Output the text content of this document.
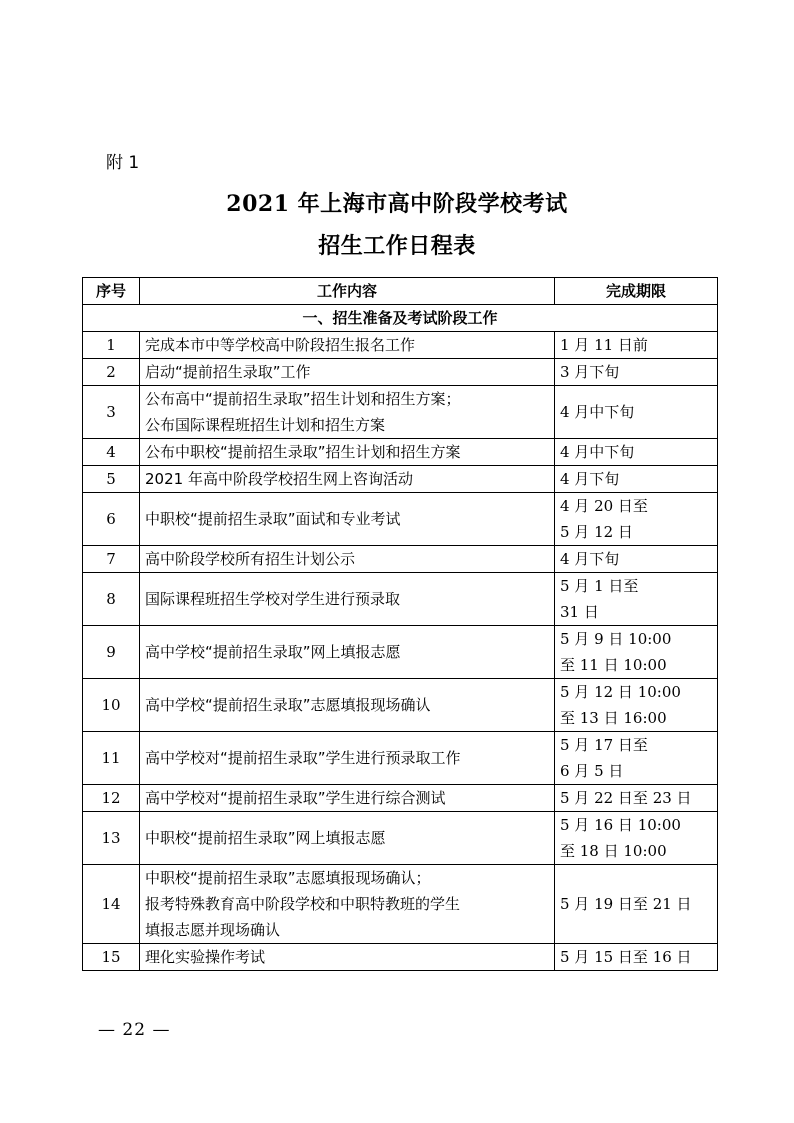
附 1
2021 年上海市高中阶段学校考试
招生工作日程表
序号	工作内容	完成期限
一、招生准备及考试阶段工作		
1	完成本市中等学校高中阶段招生报名工作	1 月 11 日前

2	启动“提前招生录取”工作	3 月下旬

3	公布高中“提前招生录取”招生计划和招生方案；
公布国际课程班招生计划和招生方案	4 月中下旬

4	公布中职校“提前招生录取”招生计划和招生方案	4 月中下旬

5	2021 年高中阶段学校招生网上咨询活动	4 月下旬

6	中职校“提前招生录取”面试和专业考试	4 月 20 日至
5 月 12 日

7	高中阶段学校所有招生计划公示	4 月下旬

8	国际课程班招生学校对学生进行预录取	5 月 1 日至
31 日

9	高中学校“提前招生录取”网上填报志愿	5 月 9 日 10:00
至 11 日 10:00

10	高中学校“提前招生录取”志愿填报现场确认	5 月 12 日 10:00
至 13 日 16:00

11	高中学校对“提前招生录取”学生进行预录取工作	5 月 17 日至
6 月 5 日

12	高中学校对“提前招生录取”学生进行综合测试	5 月 22 日至 23 日

13	中职校“提前招生录取”网上填报志愿	5 月 16 日 10:00
至 18 日 10:00

14	中职校“提前招生录取”志愿填报现场确认；
报考特殊教育高中阶段学校和中职特教班的学生
填报志愿并现场确认	5 月 19 日至 21 日

15	理化实验操作考试	5 月 15 日至 16 日
— 22 —
